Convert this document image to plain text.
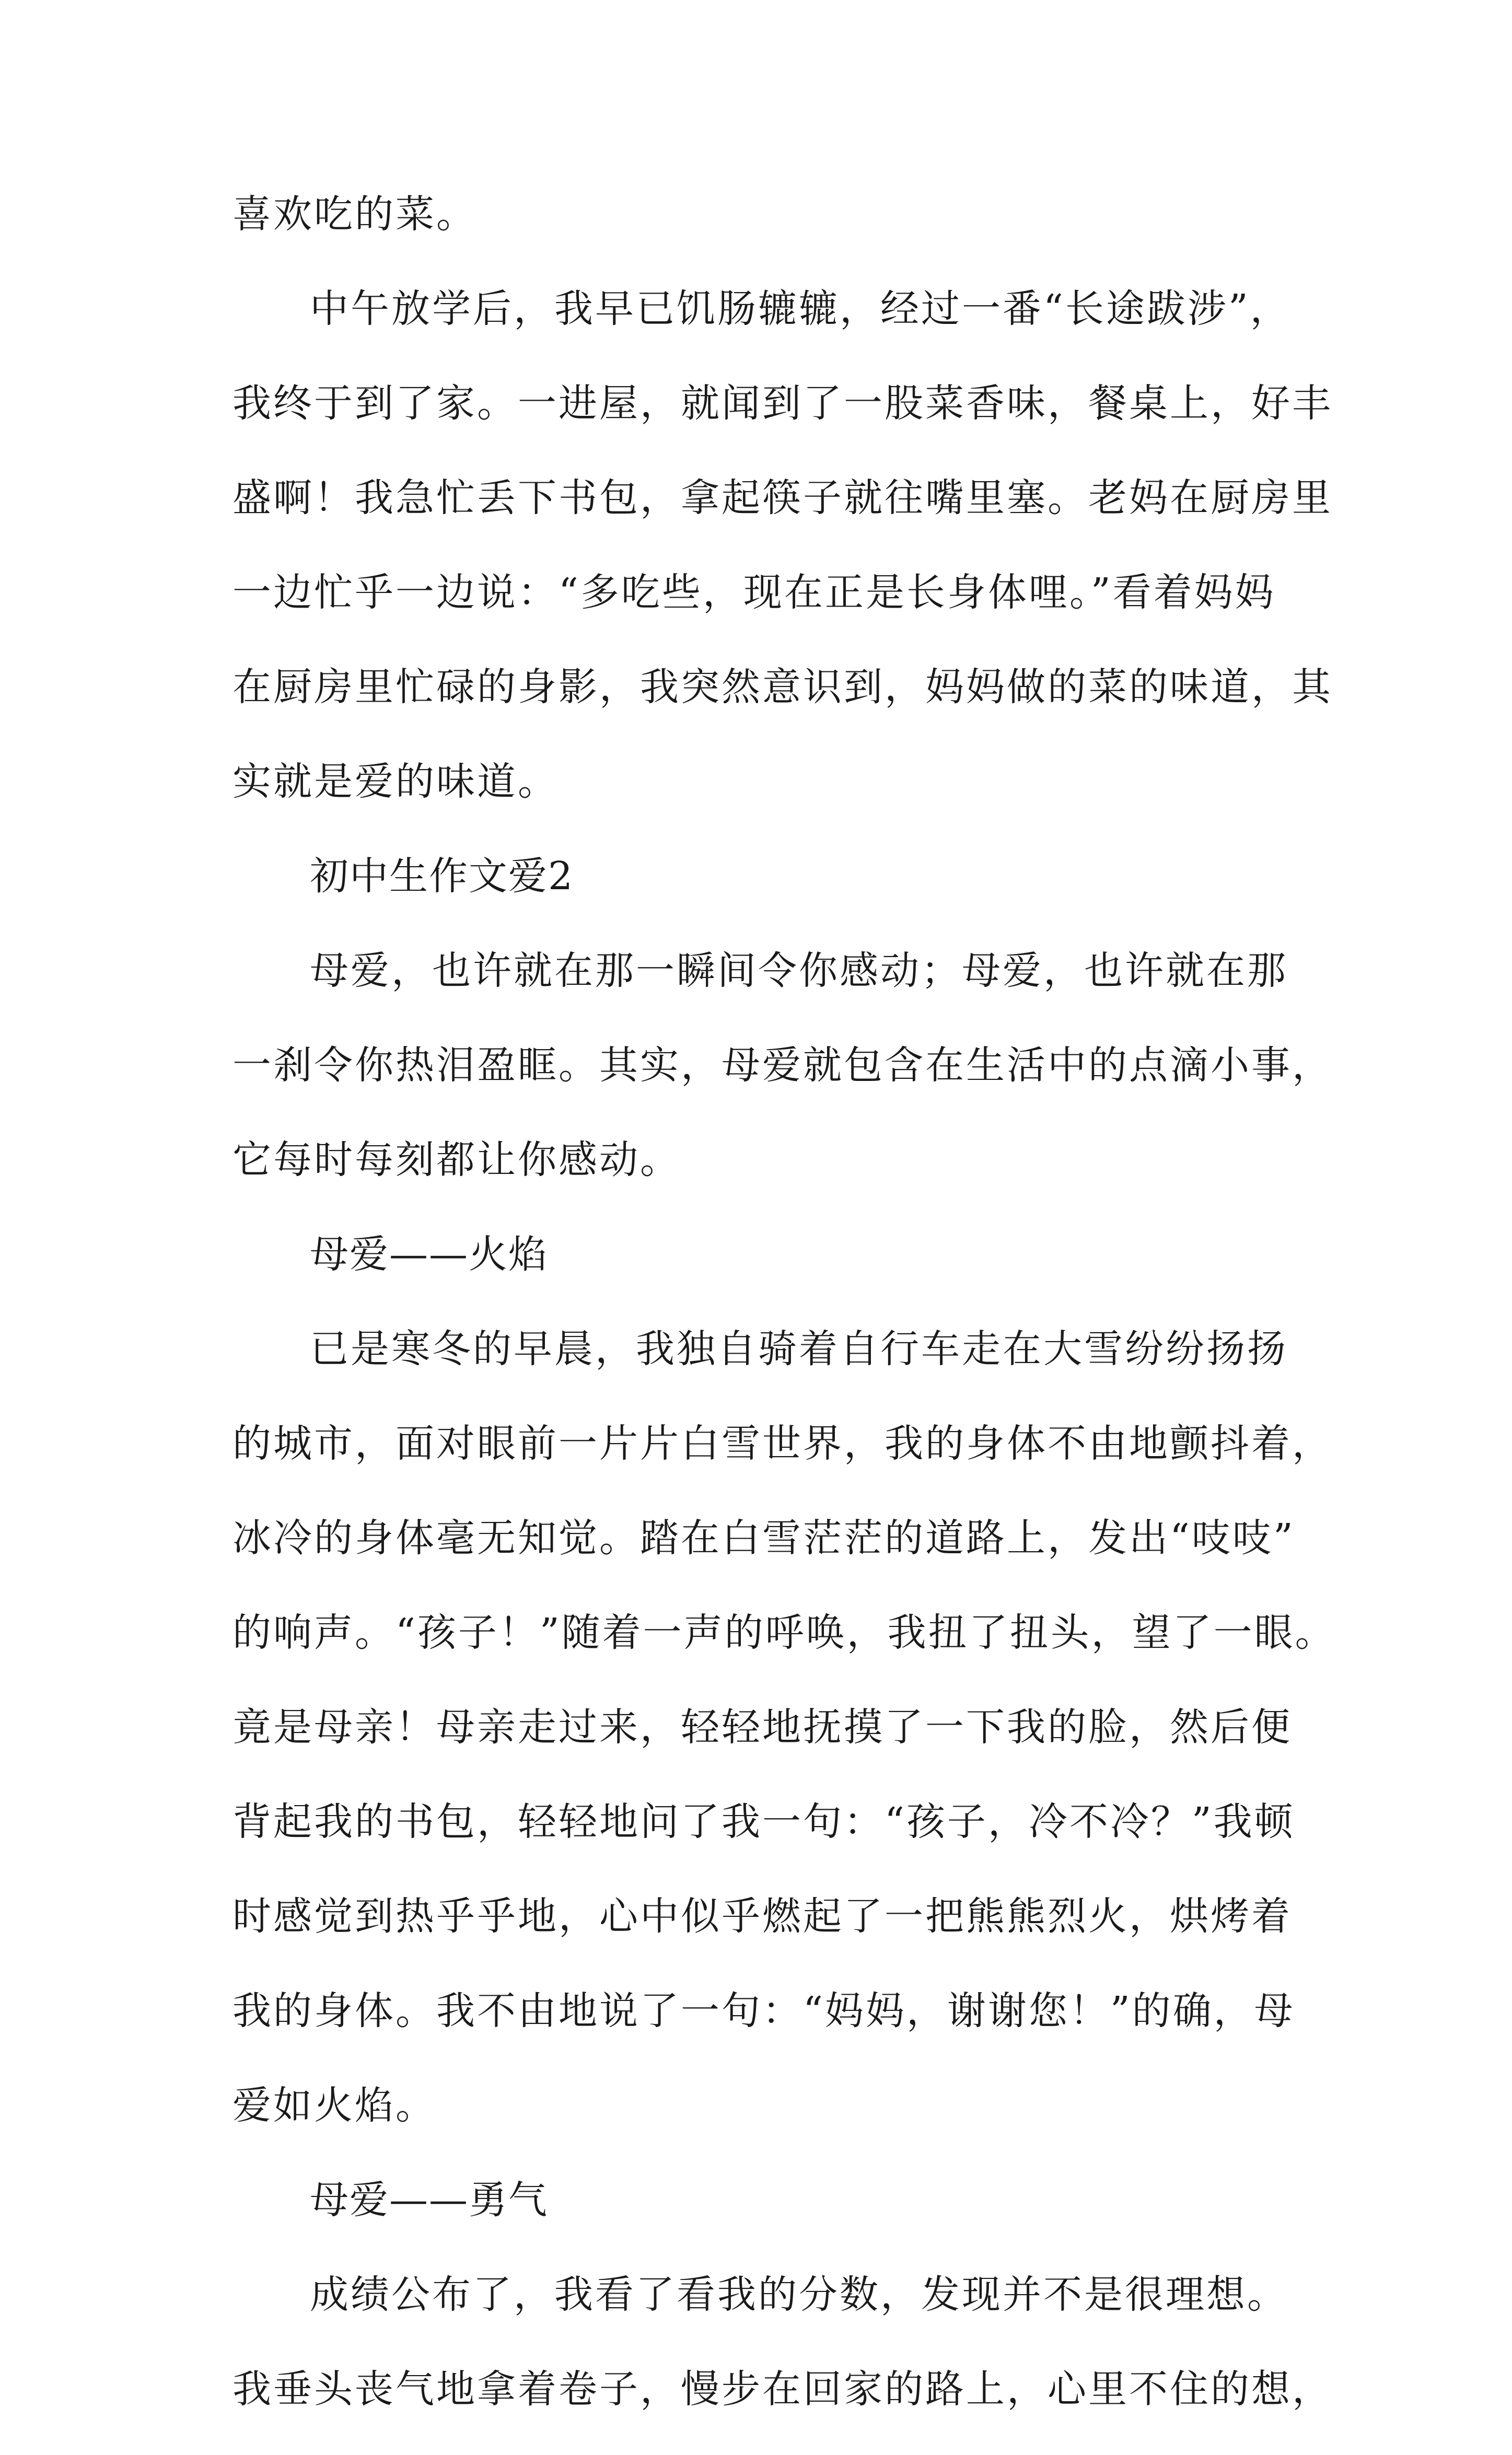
喜欢吃的菜。
中午放学后，我早已饥肠辘辘，经过一番“长途跋涉”，
我终于到了家。一进屋，就闻到了一股菜香味，餐桌上，好丰
盛啊！我急忙丢下书包，拿起筷子就往嘴里塞。老妈在厨房里
一边忙乎一边说：“多吃些，现在正是长身体哩。”看着妈妈
在厨房里忙碌的身影，我突然意识到，妈妈做的菜的味道，其
实就是爱的味道。
初中生作文爱2
母爱，也许就在那一瞬间令你感动；母爱，也许就在那
一刹令你热泪盈眶。其实，母爱就包含在生活中的点滴小事，
它每时每刻都让你感动。
母爱——火焰
已是寒冬的早晨，我独自骑着自行车走在大雪纷纷扬扬
的城市，面对眼前一片片白雪世界，我的身体不由地颤抖着，
冰冷的身体毫无知觉。踏在白雪茫茫的道路上，发出“吱吱”
的响声。“孩子！”随着一声的呼唤，我扭了扭头，望了一眼。
竟是母亲！母亲走过来，轻轻地抚摸了一下我的脸，然后便
背起我的书包，轻轻地问了我一句：“孩子，冷不冷？”我顿
时感觉到热乎乎地，心中似乎燃起了一把熊熊烈火，烘烤着
我的身体。我不由地说了一句：“妈妈，谢谢您！”的确，母
爱如火焰。
母爱——勇气
成绩公布了，我看了看我的分数，发现并不是很理想。
我垂头丧气地拿着卷子，慢步在回家的路上，心里不住的想，
